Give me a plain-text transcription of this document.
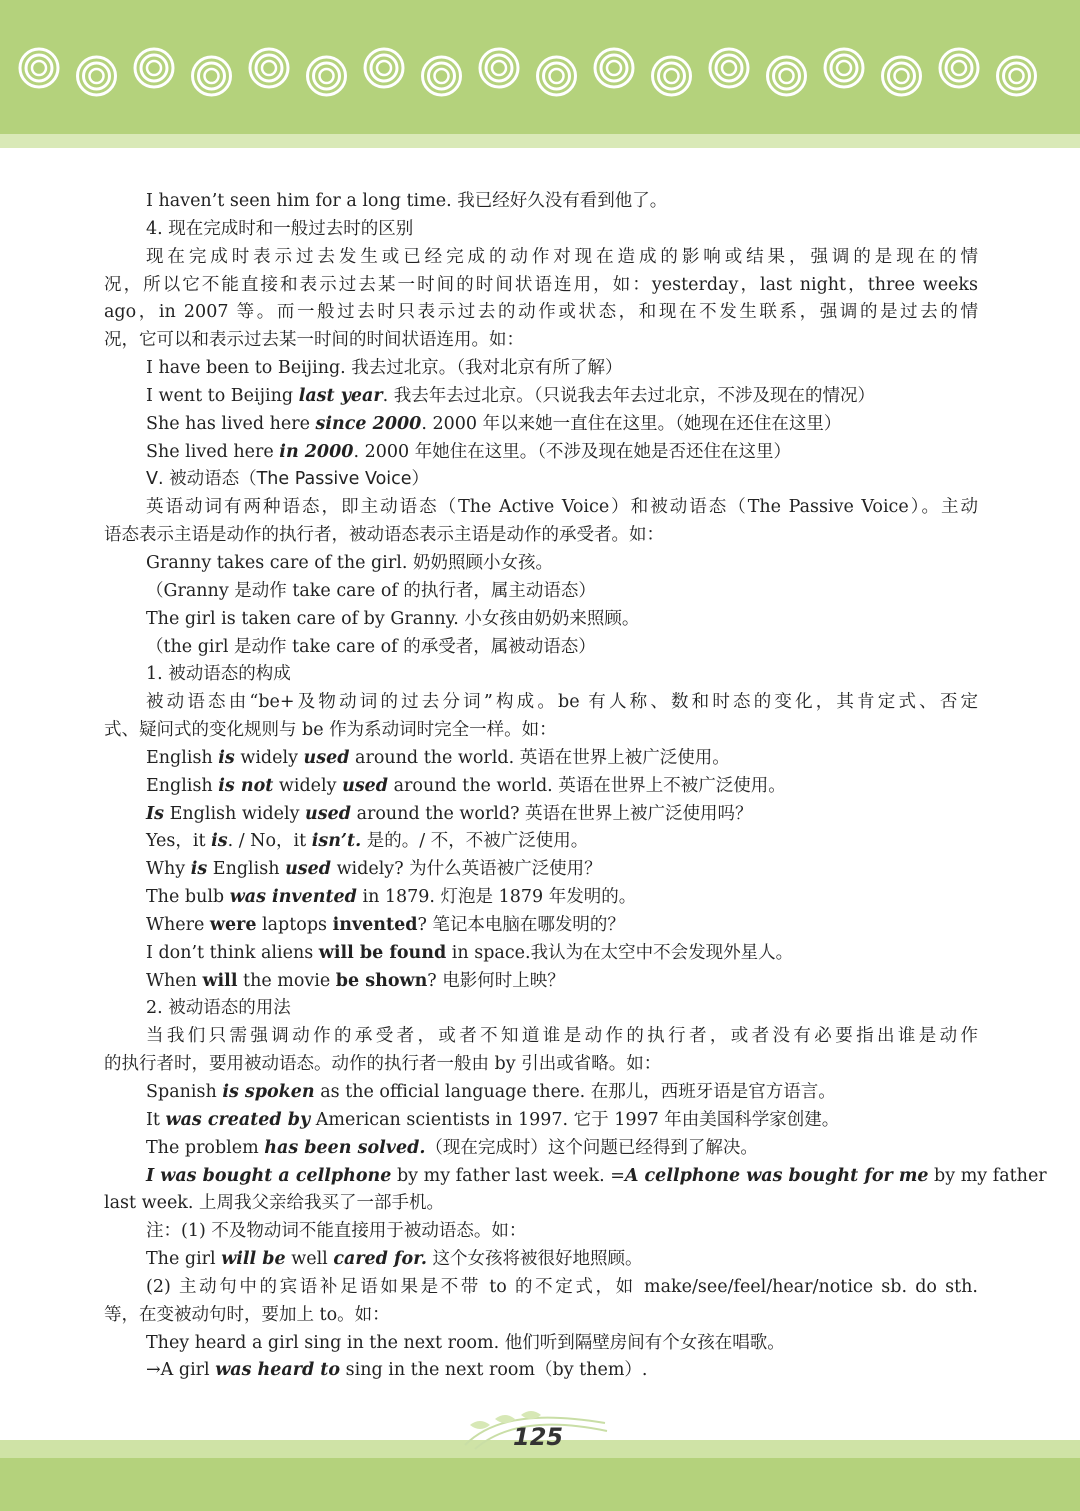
I haven’t seen him for a long time. 我已经好久没有看到他了。
4. 现在完成时和一般过去时的区别
现在完成时表示过去发生或已经完成的动作对现在造成的影响或结果，强调的是现在的情
况，所以它不能直接和表示过去某一时间的时间状语连用，如：yesterday，last night，three weeks
ago，in 2007 等。而一般过去时只表示过去的动作或状态，和现在不发生联系，强调的是过去的情
况，它可以和表示过去某一时间的时间状语连用。如：
I have been to Beijing. 我去过北京。（我对北京有所了解）
I went to Beijing last year. 我去年去过北京。（只说我去年去过北京，不涉及现在的情况）
She has lived here since 2000. 2000 年以来她一直住在这里。（她现在还住在这里）
She lived here in 2000. 2000 年她住在这里。（不涉及现在她是否还住在这里）
Ⅴ. 被动语态（The Passive Voice）
英语动词有两种语态，即主动语态（The Active Voice）和被动语态（The Passive Voice）。主动
语态表示主语是动作的执行者，被动语态表示主语是动作的承受者。如：
Granny takes care of the girl. 奶奶照顾小女孩。
（Granny 是动作 take care of 的执行者，属主动语态）
The girl is taken care of by Granny. 小女孩由奶奶来照顾。
（the girl 是动作 take care of 的承受者，属被动语态）
1. 被动语态的构成
被动语态由“be+及物动词的过去分词”构成。be 有人称、数和时态的变化，其肯定式、否定
式、疑问式的变化规则与 be 作为系动词时完全一样。如：
English is widely used around the world. 英语在世界上被广泛使用。
English is not widely used around the world. 英语在世界上不被广泛使用。
Is English widely used around the world? 英语在世界上被广泛使用吗？
Yes，it is. / No，it isn’t. 是的。/ 不，不被广泛使用。
Why is English used widely? 为什么英语被广泛使用？
The bulb was invented in 1879. 灯泡是 1879 年发明的。
Where were laptops invented? 笔记本电脑在哪发明的？
I don’t think aliens will be found in space.我认为在太空中不会发现外星人。
When will the movie be shown? 电影何时上映？
2. 被动语态的用法
当我们只需强调动作的承受者，或者不知道谁是动作的执行者，或者没有必要指出谁是动作
的执行者时，要用被动语态。动作的执行者一般由 by 引出或省略。如：
Spanish is spoken as the official language there. 在那儿，西班牙语是官方语言。
It was created by American scientists in 1997. 它于 1997 年由美国科学家创建。
The problem has been solved.（现在完成时）这个问题已经得到了解决。
I was bought a cellphone by my father last week. =A cellphone was bought for me by my father
last week. 上周我父亲给我买了一部手机。
注：(1) 不及物动词不能直接用于被动语态。如：
The girl will be well cared for. 这个女孩将被很好地照顾。
(2) 主动句中的宾语补足语如果是不带 to 的不定式，如 make/see/feel/hear/notice sb. do sth.
等，在变被动句时，要加上 to。如：
They heard a girl sing in the next room. 他们听到隔壁房间有个女孩在唱歌。
→A girl was heard to sing in the next room（by them）.
125
